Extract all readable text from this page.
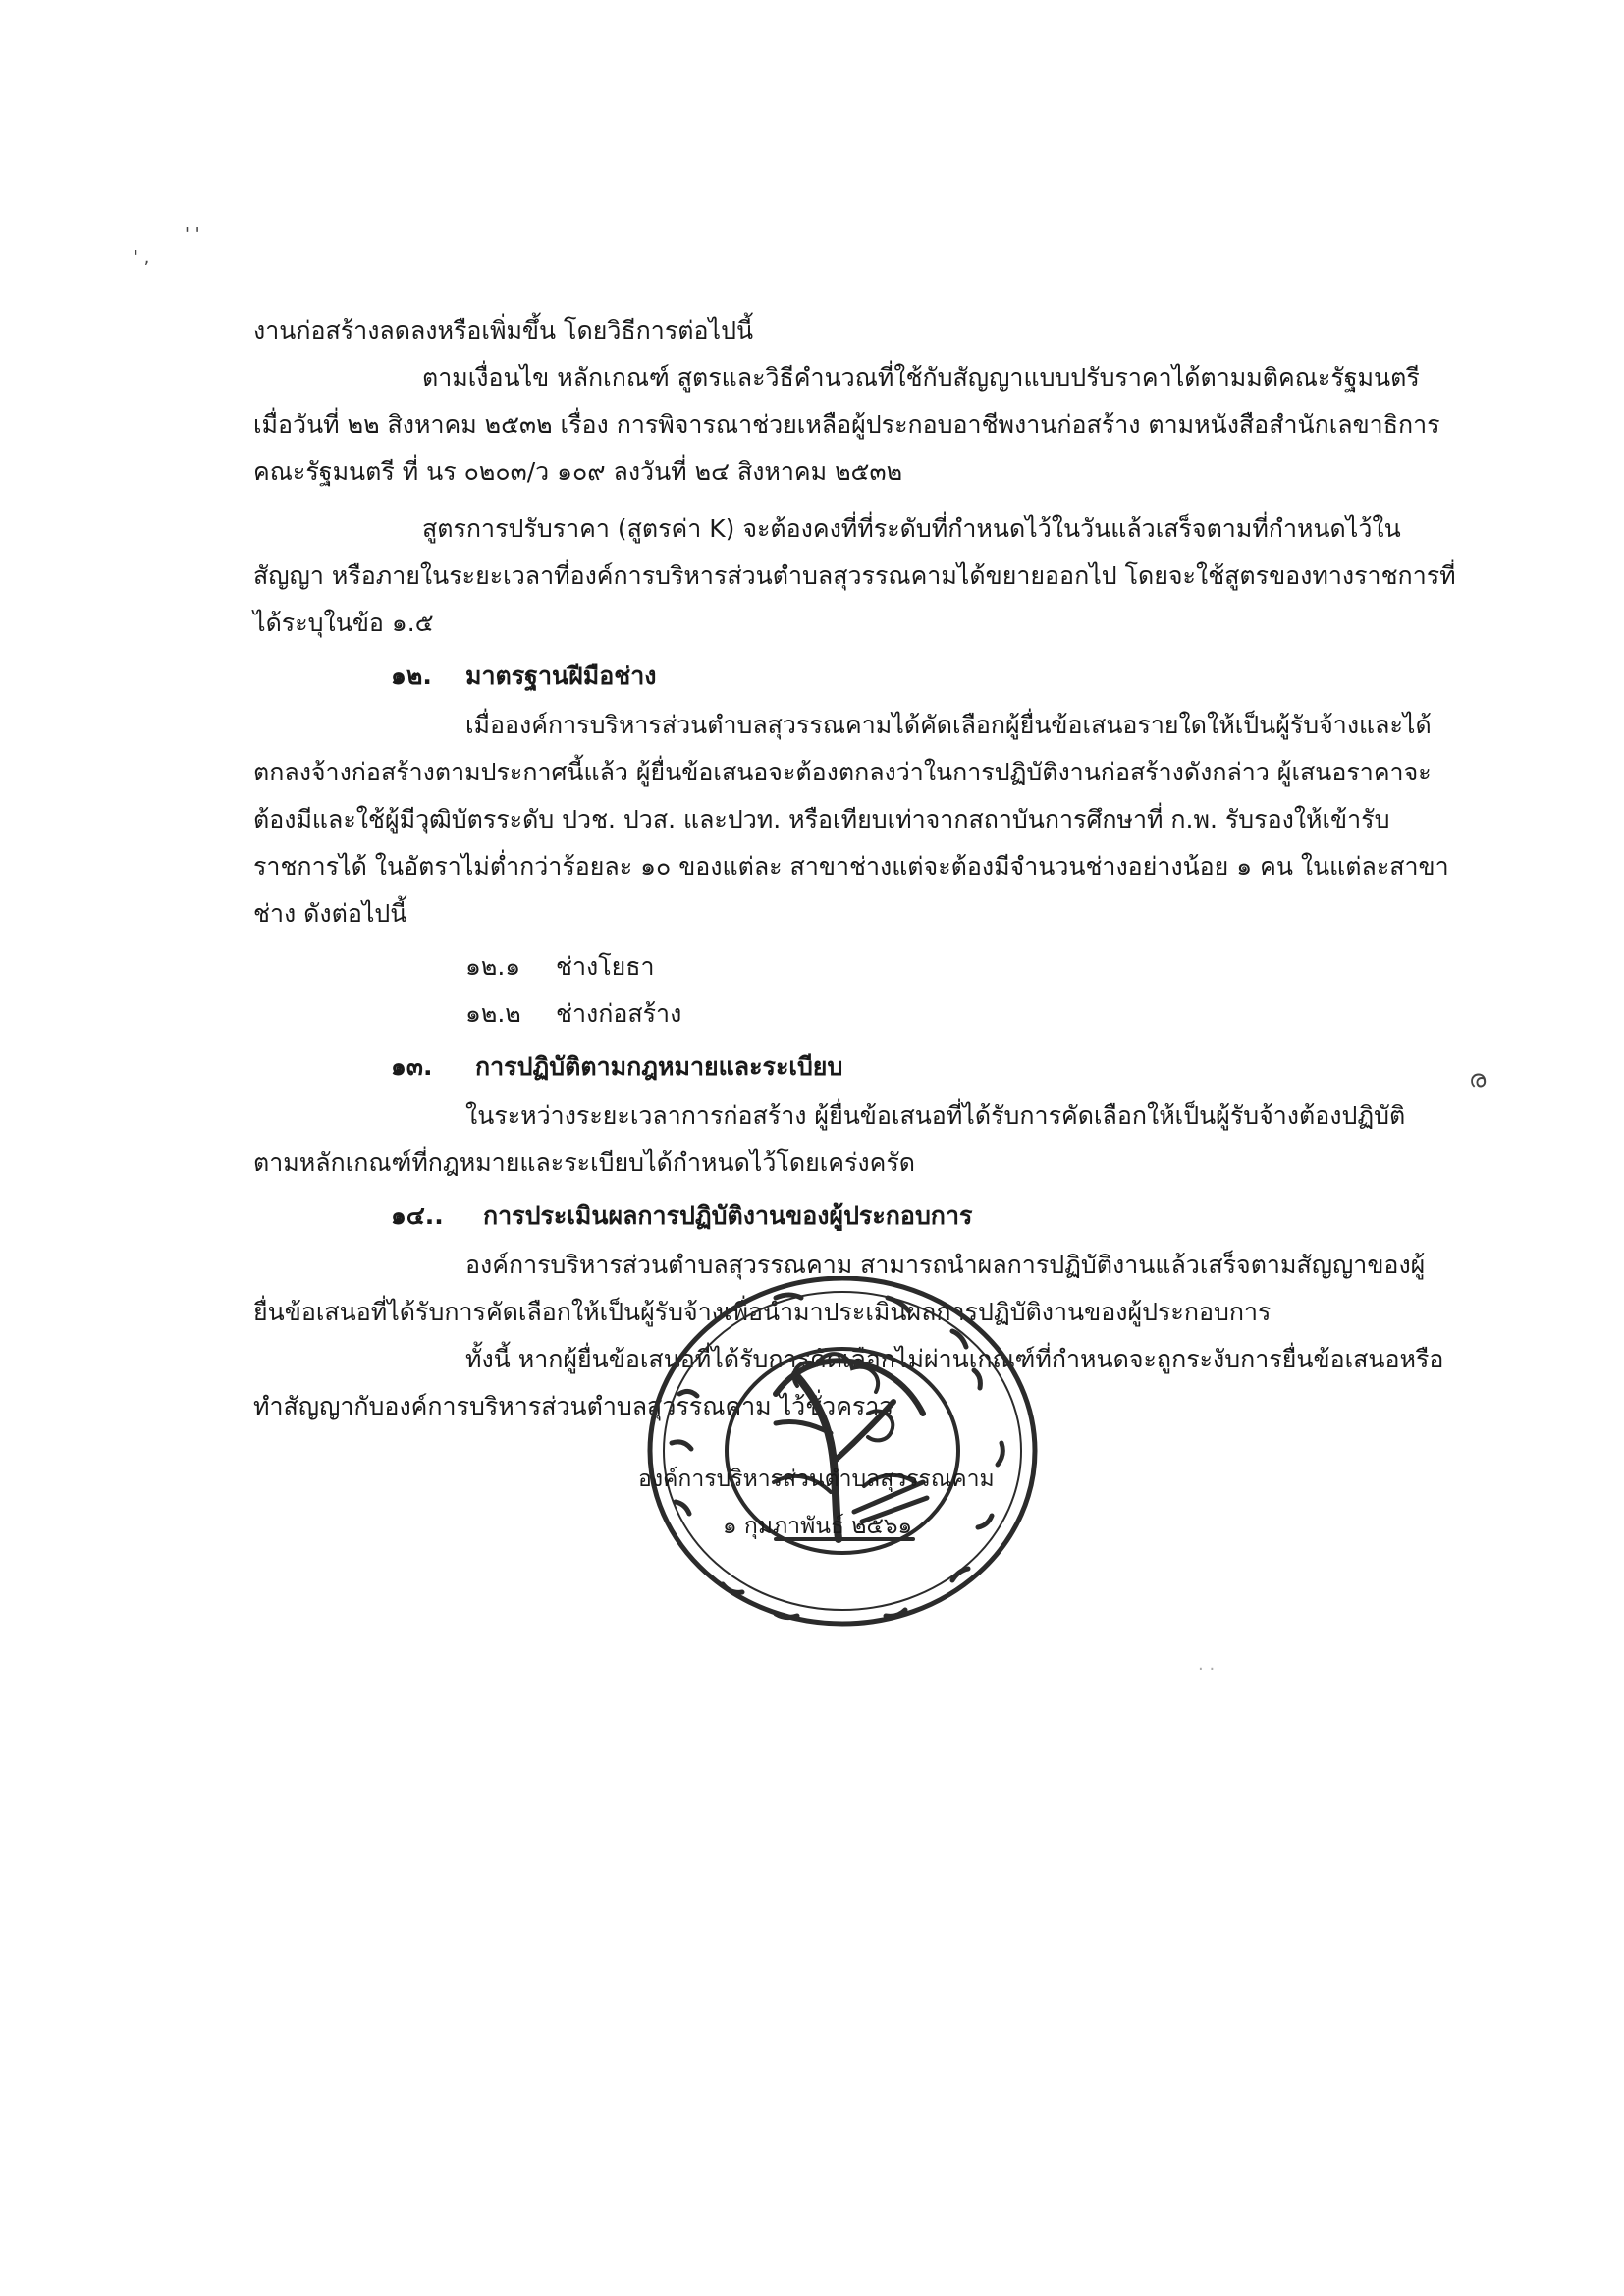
' '
' ,
ര
· ·
งานก่อสร้างลดลงหรือเพิ่มขึ้น โดยวิธีการต่อไปนี้
ตามเงื่อนไข หลักเกณฑ์ สูตรและวิธีคำนวณที่ใช้กับสัญญาแบบปรับราคาได้ตามมติคณะรัฐมนตรี
เมื่อวันที่ ๒๒ สิงหาคม ๒๕๓๒ เรื่อง การพิจารณาช่วยเหลือผู้ประกอบอาชีพงานก่อสร้าง ตามหนังสือสำนักเลขาธิการ
คณะรัฐมนตรี ที่ นร ๐๒๐๓/ว ๑๐๙ ลงวันที่ ๒๔ สิงหาคม ๒๕๓๒
สูตรการปรับราคา (สูตรค่า K) จะต้องคงที่ที่ระดับที่กำหนดไว้ในวันแล้วเสร็จตามที่กำหนดไว้ใน
สัญญา หรือภายในระยะเวลาที่องค์การบริหารส่วนตำบลสุวรรณคามได้ขยายออกไป โดยจะใช้สูตรของทางราชการที่
ได้ระบุในข้อ ๑.๕
๑๒. มาตรฐานฝีมือช่าง
เมื่อองค์การบริหารส่วนตำบลสุวรรณคามได้คัดเลือกผู้ยื่นข้อเสนอรายใดให้เป็นผู้รับจ้างและได้
ตกลงจ้างก่อสร้างตามประกาศนี้แล้ว ผู้ยื่นข้อเสนอจะต้องตกลงว่าในการปฏิบัติงานก่อสร้างดังกล่าว ผู้เสนอราคาจะ
ต้องมีและใช้ผู้มีวุฒิบัตรระดับ ปวช. ปวส. และปวท. หรือเทียบเท่าจากสถาบันการศึกษาที่ ก.พ. รับรองให้เข้ารับ
ราชการได้ ในอัตราไม่ต่ำกว่าร้อยละ ๑๐ ของแต่ละ สาขาช่างแต่จะต้องมีจำนวนช่างอย่างน้อย ๑ คน ในแต่ละสาขา
ช่าง ดังต่อไปนี้
๑๒.๑ ช่างโยธา
๑๒.๒ ช่างก่อสร้าง
๑๓. การปฏิบัติตามกฎหมายและระเบียบ
ในระหว่างระยะเวลาการก่อสร้าง ผู้ยื่นข้อเสนอที่ได้รับการคัดเลือกให้เป็นผู้รับจ้างต้องปฏิบัติ
ตามหลักเกณฑ์ที่กฎหมายและระเบียบได้กำหนดไว้โดยเคร่งครัด
๑๔.. การประเมินผลการปฏิบัติงานของผู้ประกอบการ
องค์การบริหารส่วนตำบลสุวรรณคาม สามารถนำผลการปฏิบัติงานแล้วเสร็จตามสัญญาของผู้
ยื่นข้อเสนอที่ได้รับการคัดเลือกให้เป็นผู้รับจ้างเพื่อนำมาประเมินผลการปฏิบัติงานของผู้ประกอบการ
ทั้งนี้ หากผู้ยื่นข้อเสนอที่ได้รับการคัดเลือกไม่ผ่านเกณฑ์ที่กำหนดจะถูกระงับการยื่นข้อเสนอหรือ
ทำสัญญากับองค์การบริหารส่วนตำบลสุวรรณคาม ไว้ชั่วคราว
องค์การบริหารส่วนตำบลสุวรรณคาม
๑ กุมภาพันธ์ ๒๕๖๑
